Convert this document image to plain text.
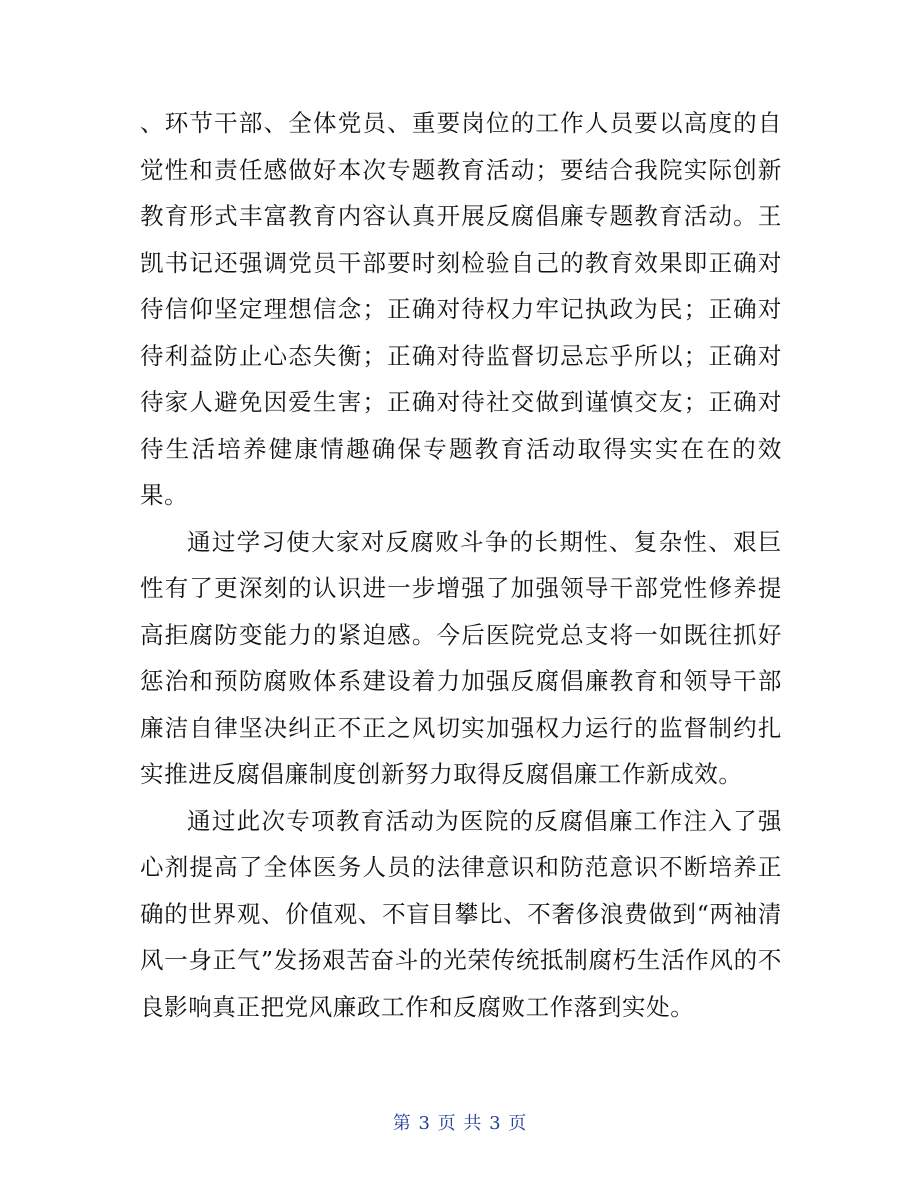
、环节干部、全体党员、重要岗位的工作人员要以高度的自觉性和责任感做好本次专题教育活动；要结合我院实际创新教育形式丰富教育内容认真开展反腐倡廉专题教育活动。王凯书记还强调党员干部要时刻检验自己的教育效果即正确对待信仰坚定理想信念；正确对待权力牢记执政为民；正确对待利益防止心态失衡；正确对待监督切忌忘乎所以；正确对待家人避免因爱生害；正确对待社交做到谨慎交友；正确对待生活培养健康情趣确保专题教育活动取得实实在在的效果。

通过学习使大家对反腐败斗争的长期性、复杂性、艰巨性有了更深刻的认识进一步增强了加强领导干部党性修养提高拒腐防变能力的紧迫感。今后医院党总支将一如既往抓好惩治和预防腐败体系建设着力加强反腐倡廉教育和领导干部廉洁自律坚决纠正不正之风切实加强权力运行的监督制约扎实推进反腐倡廉制度创新努力取得反腐倡廉工作新成效。

通过此次专项教育活动为医院的反腐倡廉工作注入了强心剂提高了全体医务人员的法律意识和防范意识不断培养正确的世界观、价值观、不盲目攀比、不奢侈浪费做到“两袖清风一身正气”发扬艰苦奋斗的光荣传统抵制腐朽生活作风的不良影响真正把党风廉政工作和反腐败工作落到实处。

第 3 页 共 3 页
